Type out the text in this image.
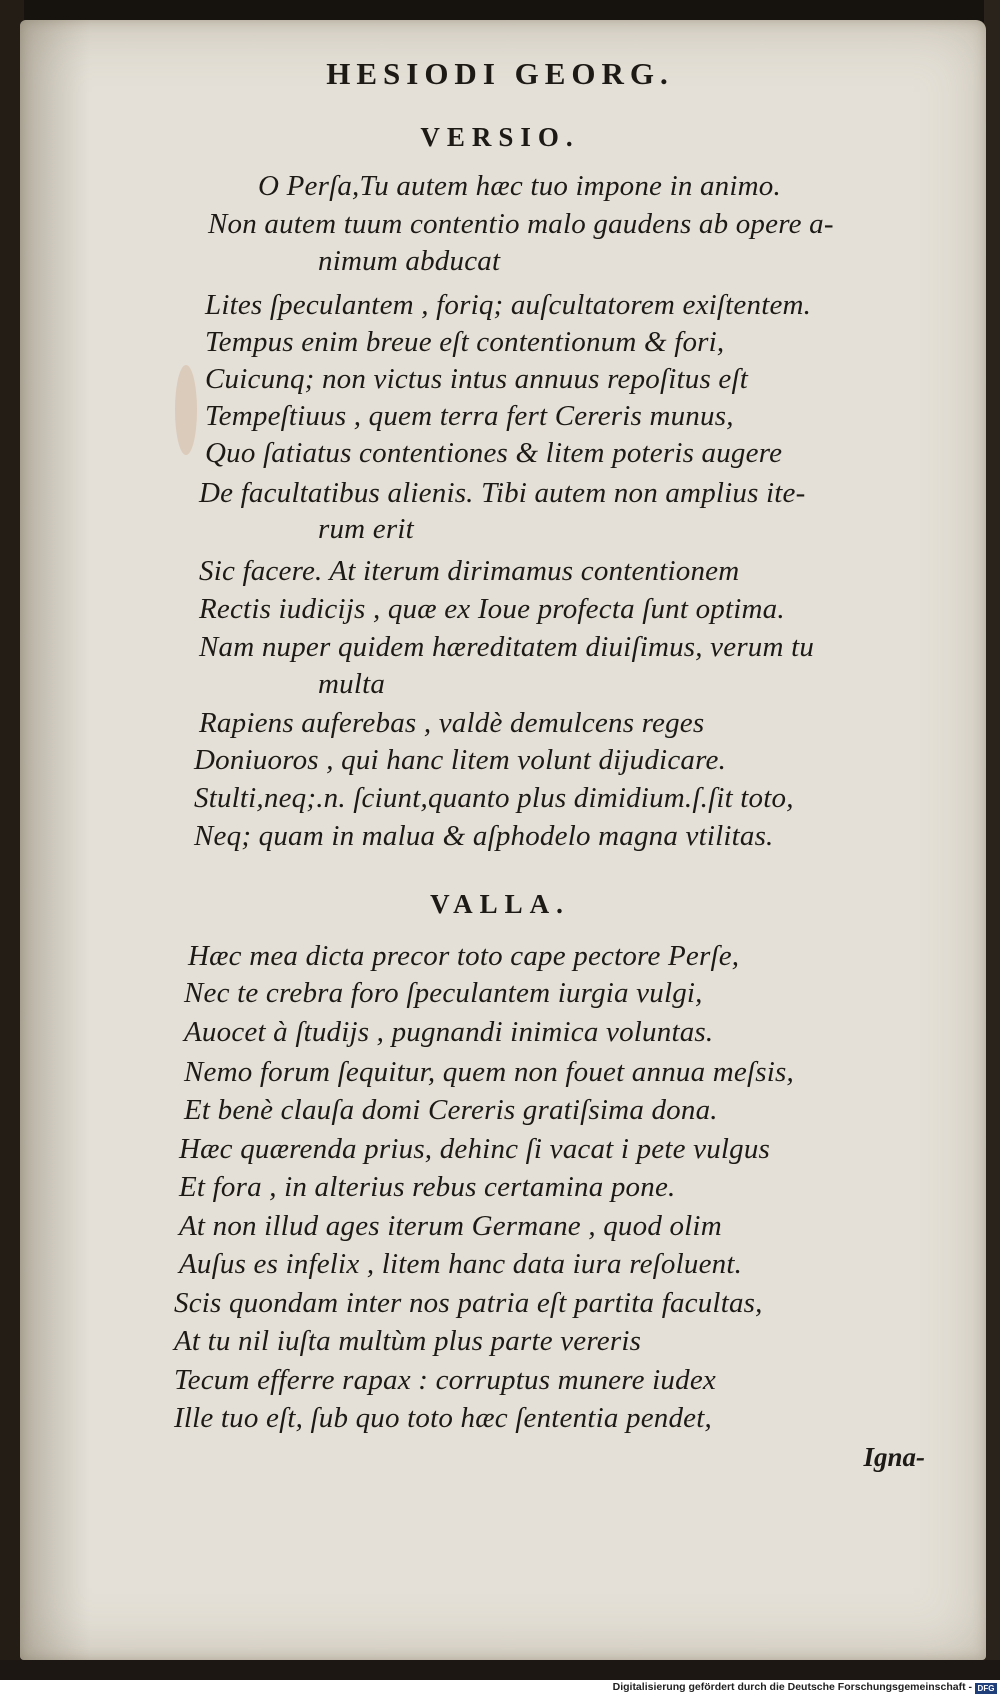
HESIODI GEORG.
VERSIO.
O Perſa,Tu autem hæc tuo impone in animo.
Non autem tuum contentio malo gaudens ab opere a-
nimum abducat
Lites ſpeculantem , foriq; auſcultatorem exiſtentem.
Tempus enim breue eſt contentionum & fori,
Cuicunq; non victus intus annuus repoſitus eſt
Tempeſtiuus , quem terra fert Cereris munus,
Quo ſatiatus contentiones & litem poteris augere
De facultatibus alienis. Tibi autem non amplius ite-
rum erit
Sic facere. At iterum dirimamus contentionem
Rectis iudicijs , quæ ex Ioue profecta ſunt optima.
Nam nuper quidem hæreditatem diuiſimus, verum tu
multa
Rapiens auferebas , valdè demulcens reges
Doniuoros , qui hanc litem volunt dijudicare.
Stulti,neq;.n. ſciunt,quanto plus dimidium.ſ.ſit toto,
Neq; quam in malua & aſphodelo magna vtilitas.
VALLA.
Hæc mea dicta precor toto cape pectore Perſe,
Nec te crebra foro ſpeculantem iurgia vulgi,
Auocet à ſtudijs , pugnandi inimica voluntas.
Nemo forum ſequitur, quem non fouet annua meſsis,
Et benè clauſa domi Cereris gratiſsima dona.
Hæc quærenda prius, dehinc ſi vacat i pete vulgus
Et fora , in alterius rebus certamina pone.
At non illud ages iterum Germane , quod olim
Auſus es infelix , litem hanc data iura reſoluent.
Scis quondam inter nos patria eſt partita facultas,
At tu nil iuſta multùm plus parte vereris
Tecum efferre rapax : corruptus munere iudex
Ille tuo eſt, ſub quo toto hæc ſententia pendet,
Igna-
Digitalisierung gefördert durch die Deutsche Forschungsgemeinschaft - DFG
